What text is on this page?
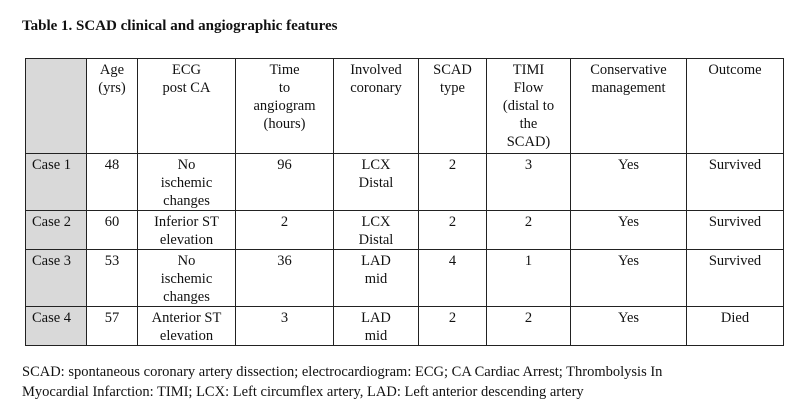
Table 1. SCAD clinical and angiographic features

	Age
(yrs)	ECG
post CA	Time
to
angiogram
(hours)	Involved
coronary	SCAD
type	TIMI
Flow
(distal to
the
SCAD)	Conservative
management	Outcome

Case 1	48	No
ischemic
changes	96	LCX
Distal	2	3	Yes	Survived
Case 2	60	Inferior ST
elevation	2	LCX
Distal	2	2	Yes	Survived
Case 3	53	No
ischemic
changes	36	LAD
mid	4	1	Yes	Survived
Case 4	57	Anterior ST
elevation	3	LAD
mid	2	2	Yes	Died
SCAD: spontaneous coronary artery dissection; electrocardiogram: ECG; CA Cardiac Arrest; Thrombolysis In
Myocardial Infarction: TIMI; LCX: Left circumflex artery, LAD: Left anterior descending artery
